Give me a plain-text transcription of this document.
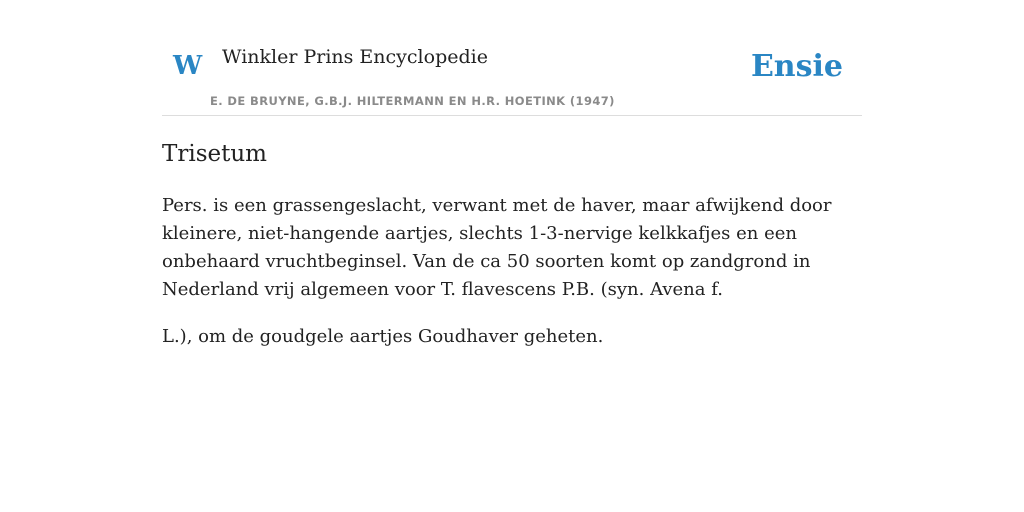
W Winkler Prins Encyclopedie
E. DE BRUYNE, G.B.J. HILTERMANN EN H.R. HOETINK (1947)
Ensie
Trisetum

Pers. is een grassengeslacht, verwant met de haver, maar afwijkend door kleinere, niet-hangende aartjes, slechts 1-3-nervige kelkkafjes en een onbehaard vruchtbeginsel. Van de ca 50 soorten komt op zandgrond in Nederland vrij algemeen voor T. flavescens P.B. (syn. Avena f.

L.), om de goudgele aartjes Goudhaver geheten.
